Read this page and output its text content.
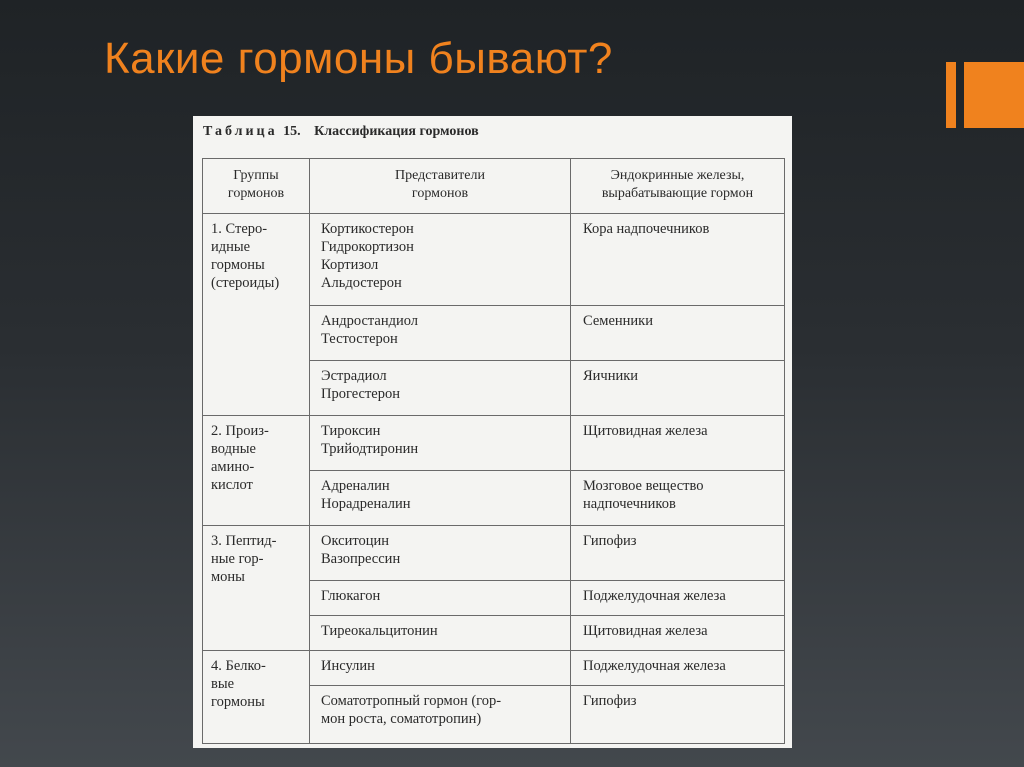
Какие гормоны бывают?
Таблица 15. Классификация гормонов
Группы
гормонов	Представители
гормонов	Эндокринные железы,
вырабатывающие гормон

1. Стеро-
идные
гормоны
(стероиды)	Кортикостерон
Гидрокортизон
Кортизол
Альдостерон	Кора надпочечников

	Андростандиол
Тестостерон	Семенники

	Эстрадиол
Прогестерон	Яичники

2. Произ-
водные
амино-
кислот	Тироксин
Трийодтиронин	Щитовидная железа

	Адреналин
Норадреналин	Мозговое вещество
надпочечников

3. Пептид-
ные гор-
моны	Окситоцин
Вазопрессин	Гипофиз

	Глюкагон	Поджелудочная железа

	Тиреокальцитонин	Щитовидная железа

4. Белко-
вые
гормоны	Инсулин	Поджелудочная железа

	Соматотропный гормон (гор-
мон роста, соматотропин)	Гипофиз
